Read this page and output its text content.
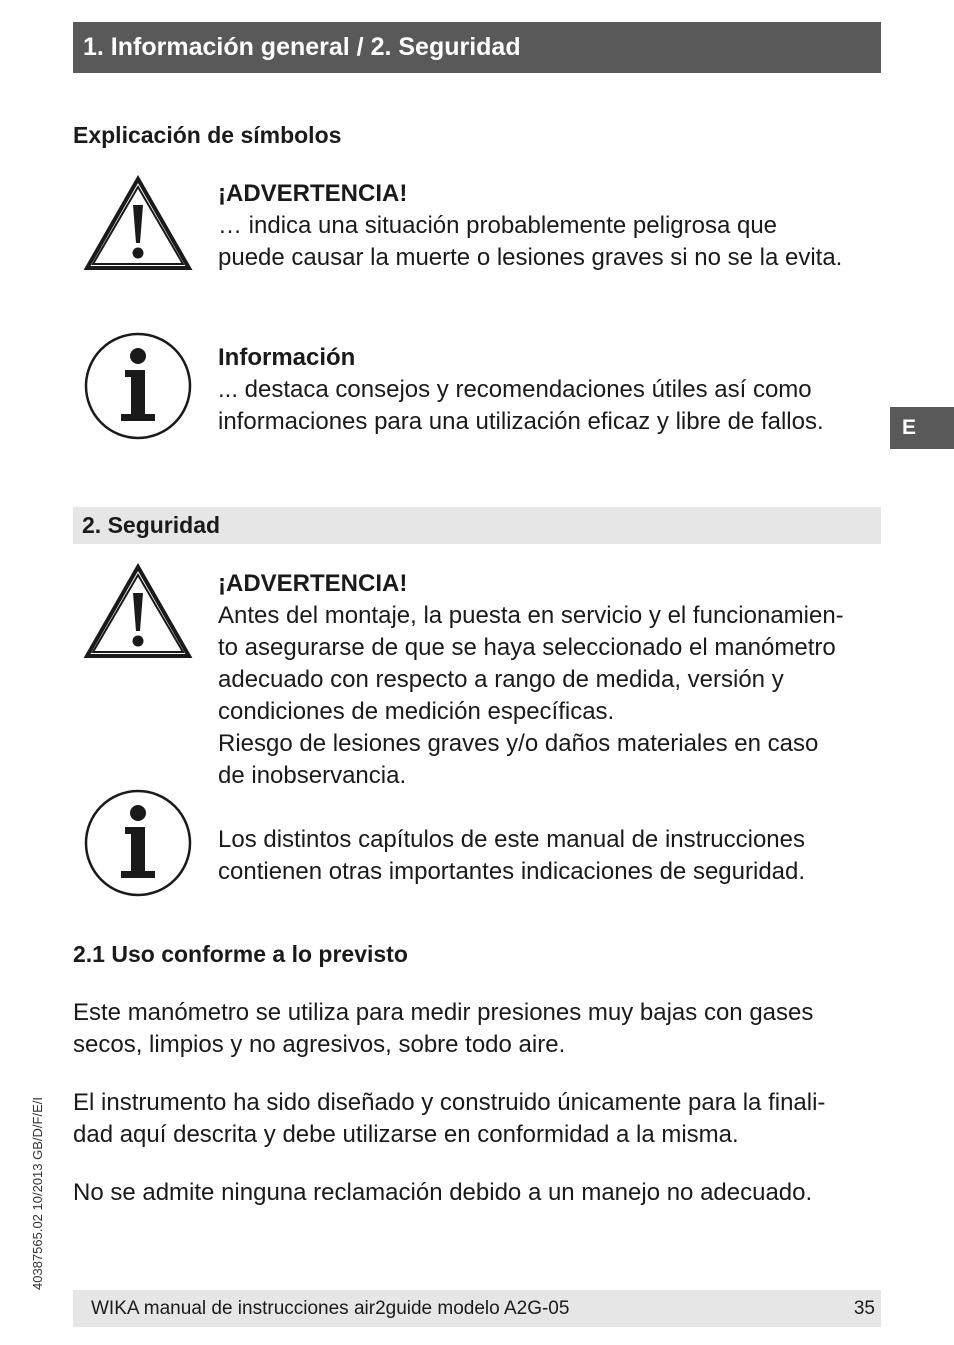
1. Información general / 2. Seguridad
Explicación de símbolos

¡ADVERTENCIA!

… indica una situación probablemente peligrosa que

puede causar la muerte o lesiones graves si no se la evita.

Información

... destaca consejos y recomendaciones útiles así como

informaciones para una utilización eficaz y libre de fallos.	E
2. Seguridad

¡ADVERTENCIA!

Antes del montaje, la puesta en servicio y el funcionamien-

to asegurarse de que se haya seleccionado el manómetro

adecuado con respecto a rango de medida, versión y

condiciones de medición específicas.

Riesgo de lesiones graves y/o daños materiales en caso

de inobservancia.

Los distintos capítulos de este manual de instrucciones

contienen otras importantes indicaciones de seguridad.

2.1 Uso conforme a lo previsto

Este manómetro se utiliza para medir presiones muy bajas con gases

secos, limpios y no agresivos, sobre todo aire.

El instrumento ha sido diseñado y construido únicamente para la finali-

dad aquí descrita y debe utilizarse en conformidad a la misma.

No se admite ninguna reclamación debido a un manejo no adecuado.

40387565.02 10/2013 GB/D/F/E/I
WIKA manual de instrucciones air2guide modelo A2G-05	35
